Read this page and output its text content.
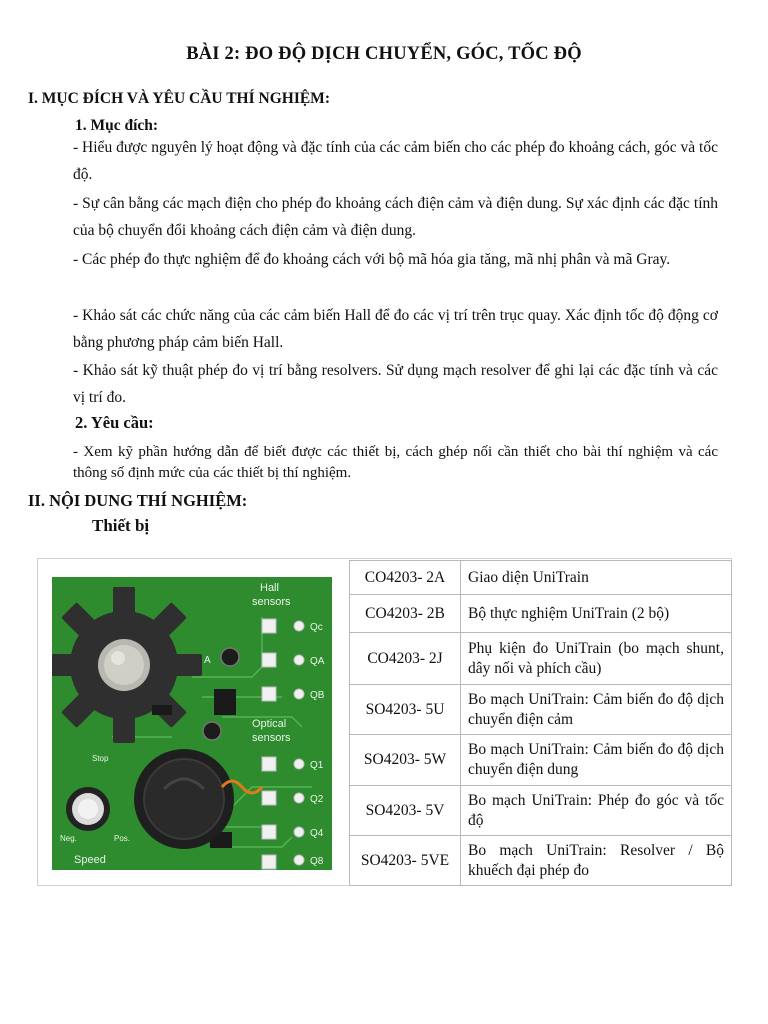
BÀI 2: ĐO ĐỘ DỊCH CHUYỂN, GÓC, TỐC ĐỘ
I. MỤC ĐÍCH VÀ YÊU CẦU THÍ NGHIỆM:
1. Mục đích:
- Hiểu được nguyên lý hoạt động và đặc tính của các cảm biến cho các phép đo khoảng cách, góc và tốc độ.
- Sự cân bằng các mạch điện cho phép đo khoảng cách điện cảm và điện dung. Sự xác định các đặc tính của bộ chuyển đổi khoảng cách điện cảm và điện dung.
- Các phép đo thực nghiệm để đo khoảng cách với bộ mã hóa gia tăng, mã nhị phân và mã Gray.
- Khảo sát các chức năng của các cảm biến Hall để đo các vị trí trên trục quay. Xác định tốc độ động cơ bằng phương pháp cảm biến Hall.
- Khảo sát kỹ thuật phép đo vị trí bằng resolvers. Sử dụng mạch resolver để ghi lại các đặc tính và các vị trí đo.
2. Yêu cầu:
- Xem kỹ phần hướng dẫn để biết được các thiết bị, cách ghép nối cần thiết cho bài thí nghiệm và các thông số định mức của các thiết bị thí nghiệm.
II. NỘI DUNG THÍ NGHIỆM:
Thiết bị
Hall
sensors
Optical
sensors
Qc
QA
QB
Q1
Q2
Q4
Q8
A
Stop
Neg.	Pos.
Speed
CO4203- 2A	Giao diện UniTrain
CO4203- 2B	Bộ thực nghiệm UniTrain (2 bộ)
CO4203- 2J	Phụ kiện đo UniTrain (bo mạch shunt, dây nối và phích cầu)
SO4203- 5U	Bo mạch UniTrain: Cảm biến đo độ dịch chuyển điện cảm
SO4203- 5W	Bo mạch UniTrain: Cảm biến đo độ dịch chuyển điện dung
SO4203- 5V	Bo mạch UniTrain: Phép đo góc và tốc độ
SO4203- 5VE	Bo mạch UniTrain: Resolver / Bộ khuếch đại phép đo
